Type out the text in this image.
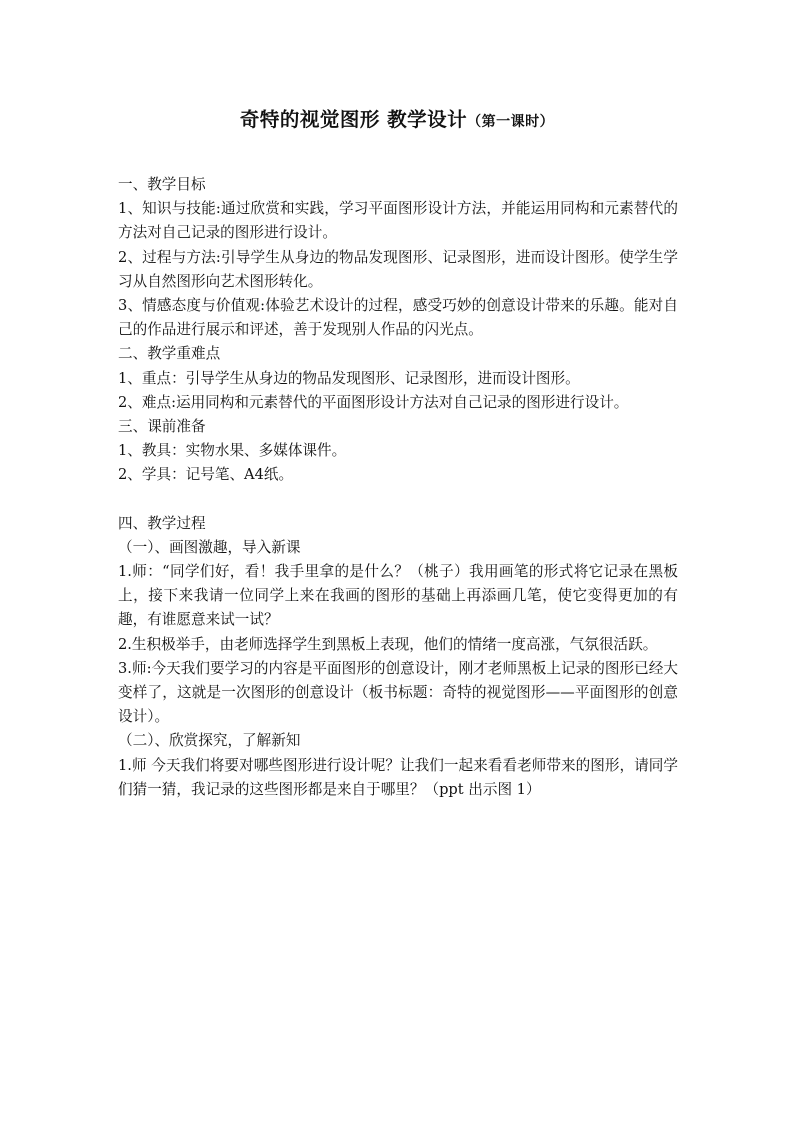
奇特的视觉图形 教学设计（第一课时）

一、教学目标

1、知识与技能:通过欣赏和实践，学习平面图形设计方法，并能运用同构和元素替代的方法对自己记录的图形进行设计。

2、过程与方法:引导学生从身边的物品发现图形、记录图形，进而设计图形。使学生学习从自然图形向艺术图形转化。

3、情感态度与价值观:体验艺术设计的过程，感受巧妙的创意设计带来的乐趣。能对自己的作品进行展示和评述，善于发现别人作品的闪光点。

二、教学重难点

1、重点：引导学生从身边的物品发现图形、记录图形，进而设计图形。

2、难点:运用同构和元素替代的平面图形设计方法对自己记录的图形进行设计。

三、课前准备

1、教具：实物水果、多媒体课件。

2、学具：记号笔、A4纸。

四、教学过程

（一）、画图激趣，导入新课

1.师：“同学们好，看！我手里拿的是什么？（桃子）我用画笔的形式将它记录在黑板上，接下来我请一位同学上来在我画的图形的基础上再添画几笔，使它变得更加的有趣，有谁愿意来试一试？

2.生积极举手，由老师选择学生到黑板上表现，他们的情绪一度高涨，气氛很活跃。

3.师:今天我们要学习的内容是平面图形的创意设计，刚才老师黑板上记录的图形已经大变样了，这就是一次图形的创意设计（板书标题：奇特的视觉图形——平面图形的创意设计）。

（二）、欣赏探究，了解新知

1.师 今天我们将要对哪些图形进行设计呢？让我们一起来看看老师带来的图形，请同学们猜一猜，我记录的这些图形都是来自于哪里？（ppt 出示图 1）
